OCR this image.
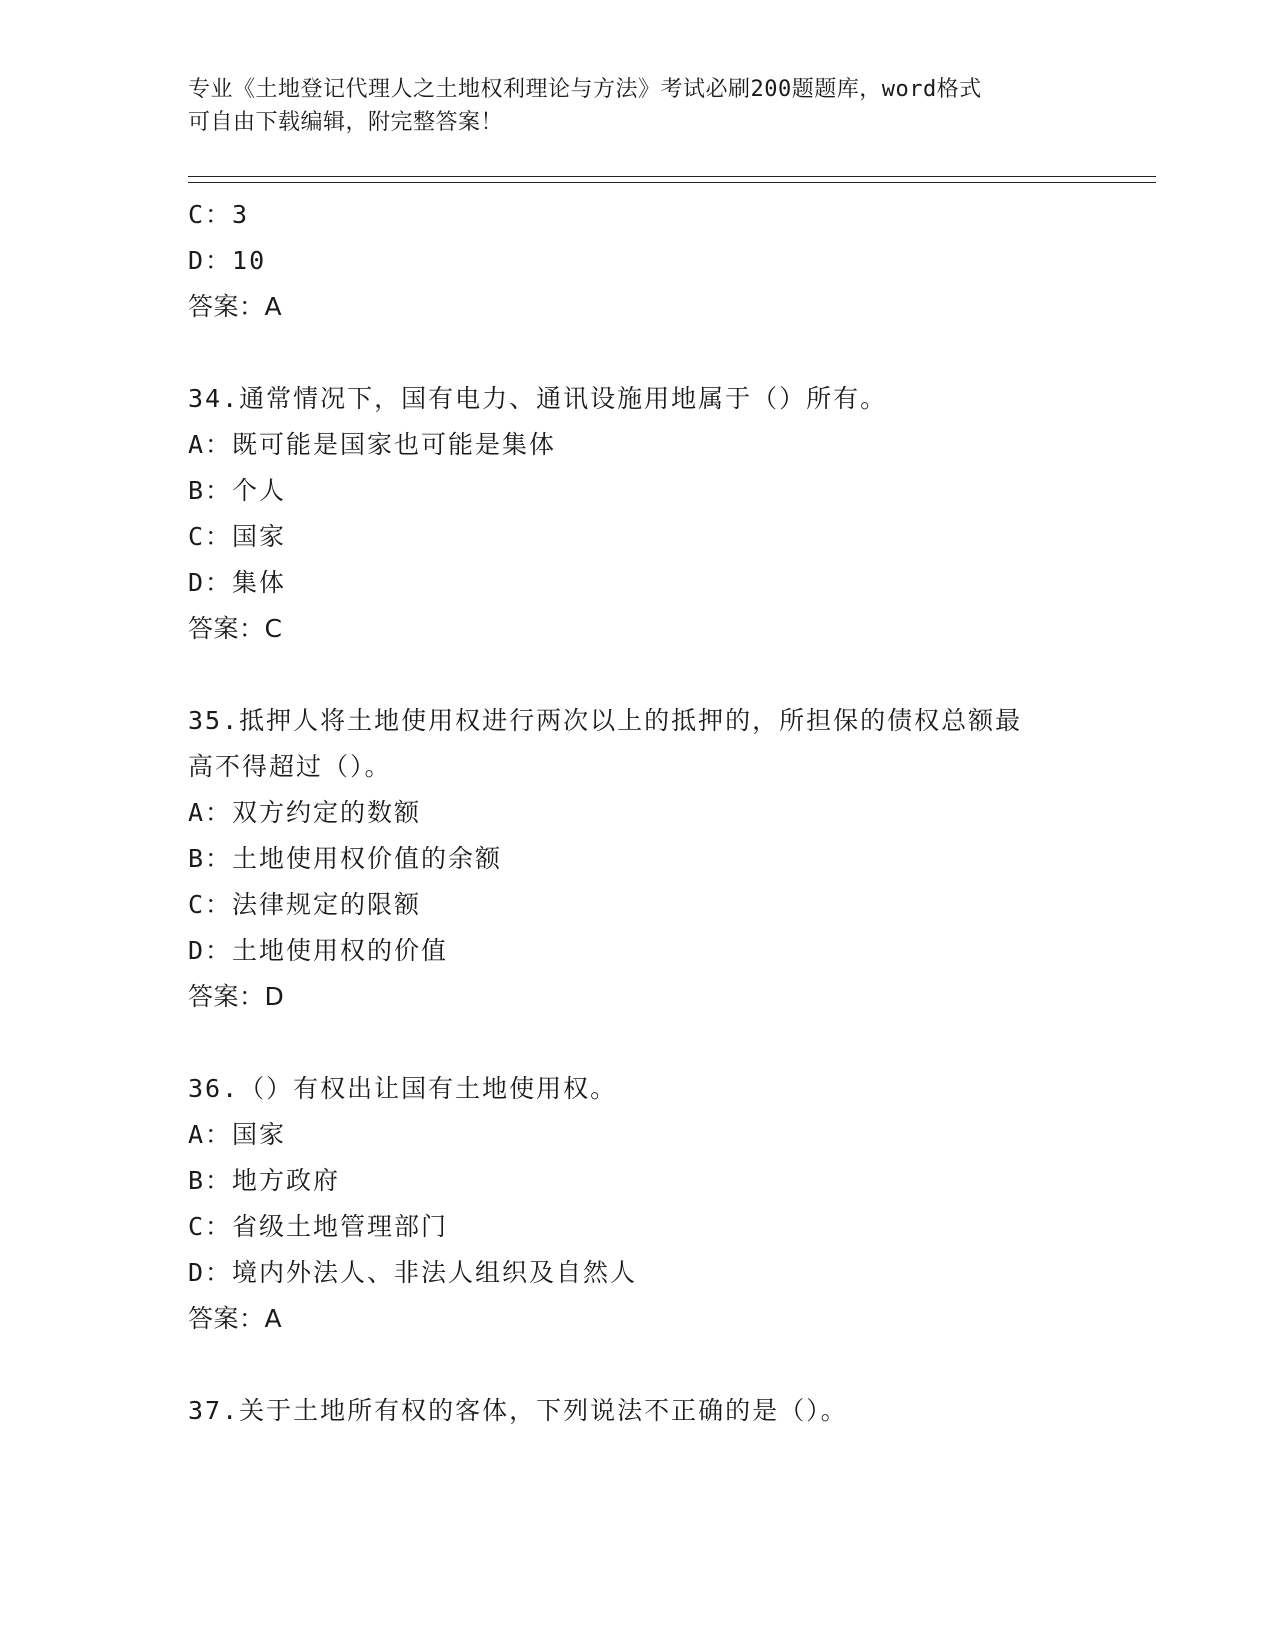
专业《土地登记代理人之土地权利理论与方法》考试必刷200题题库，word格式
可自由下载编辑，附完整答案！
C：3
D：10
答案：A
34.通常情况下，国有电力、通讯设施用地属于（）所有。
A：既可能是国家也可能是集体
B：个人
C：国家
D：集体
答案：C
35.抵押人将土地使用权进行两次以上的抵押的，所担保的债权总额最
高不得超过（）。
A：双方约定的数额
B：土地使用权价值的余额
C：法律规定的限额
D：土地使用权的价值
答案：D
36.（）有权出让国有土地使用权。
A：国家
B：地方政府
C：省级土地管理部门
D：境内外法人、非法人组织及自然人
答案：A
37.关于土地所有权的客体，下列说法不正确的是（）。
